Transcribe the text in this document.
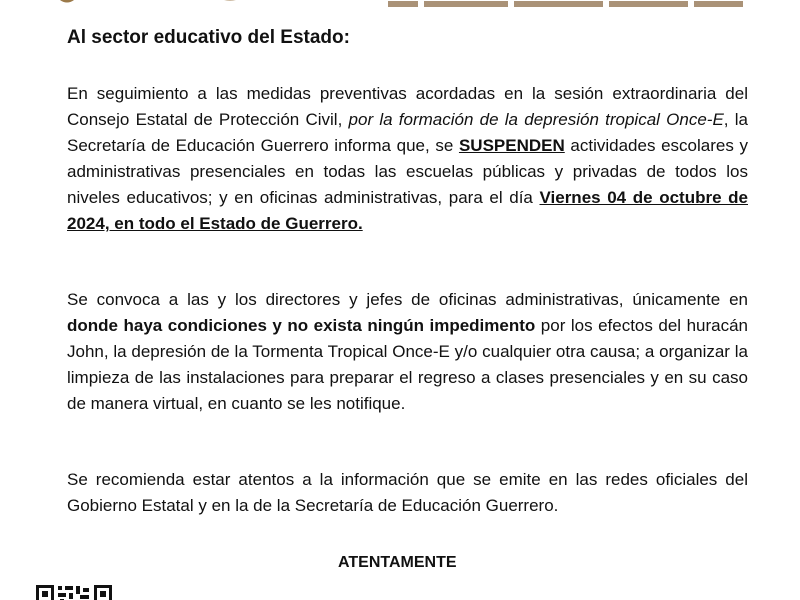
Al sector educativo del Estado:

En seguimiento a las medidas preventivas acordadas en la sesión extraordinaria del Consejo Estatal de Protección Civil, por la formación de la depresión tropical Once-E, la Secretaría de Educación Guerrero informa que, se SUSPENDEN actividades escolares y administrativas presenciales en todas las escuelas públicas y privadas de todos los niveles educativos; y en oficinas administrativas, para el día Viernes 04 de octubre de 2024, en todo el Estado de Guerrero.

Se convoca a las y los directores y jefes de oficinas administrativas, únicamente en donde haya condiciones y no exista ningún impedimento por los efectos del huracán John, la depresión de la Tormenta Tropical Once-E y/o cualquier otra causa; a organizar la limpieza de las instalaciones para preparar el regreso a clases presenciales y en su caso de manera virtual, en cuanto se les notifique.

Se recomienda estar atentos a la información que se emite en las redes oficiales del Gobierno Estatal y en la de la Secretaría de Educación Guerrero.

ATENTAMENTE
